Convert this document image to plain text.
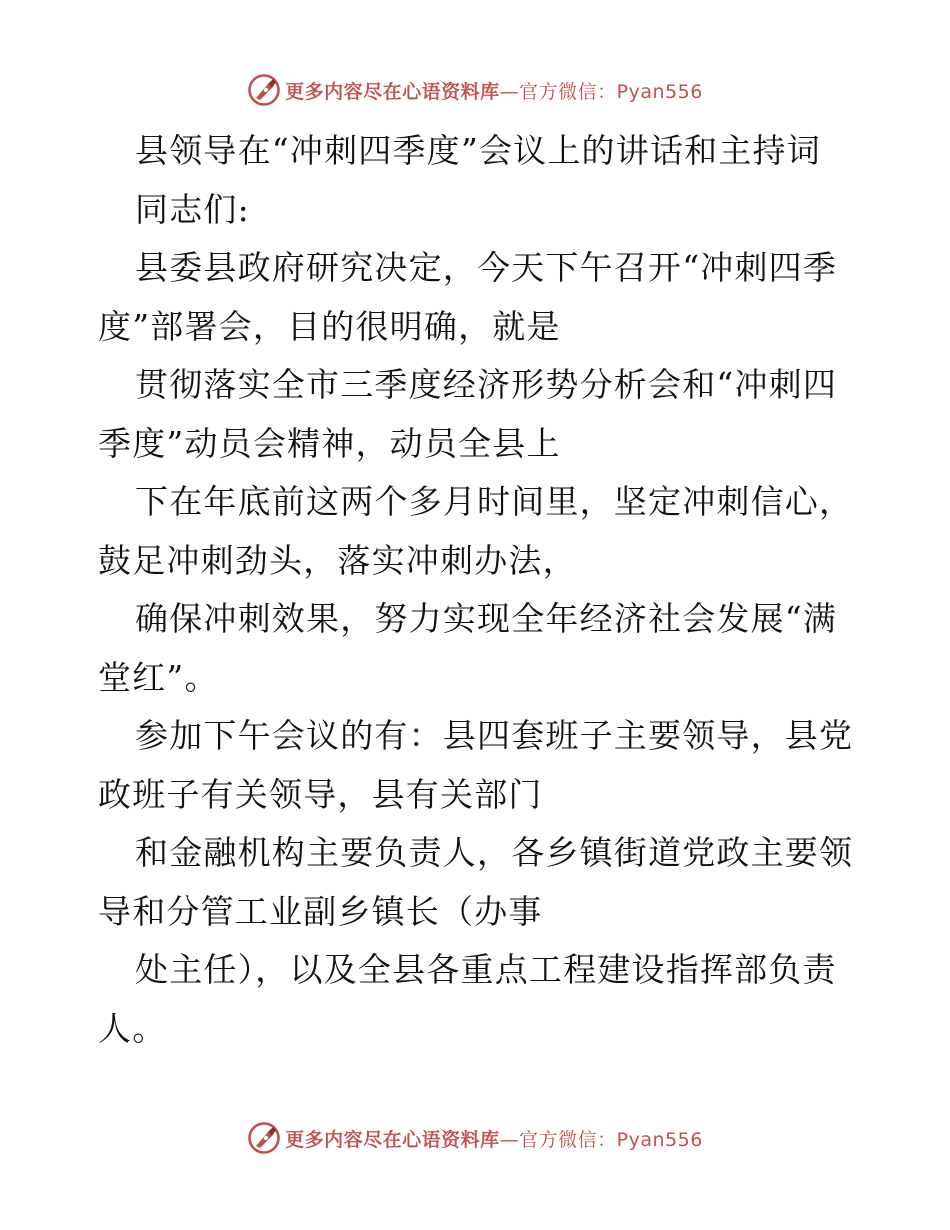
更多内容尽在心语资料库—官方微信：Pyan556
县领导在“冲刺四季度”会议上的讲话和主持词
同志们:
县委县政府研究决定，今天下午召开“冲刺四季
度”部署会，目的很明确，就是
贯彻落实全市三季度经济形势分析会和“冲刺四
季度”动员会精神，动员全县上
下在年底前这两个多月时间里，坚定冲刺信心，
鼓足冲刺劲头，落实冲刺办法，
确保冲刺效果，努力实现全年经济社会发展“满
堂红”。
参加下午会议的有：县四套班子主要领导，县党
政班子有关领导，县有关部门
和金融机构主要负责人，各乡镇街道党政主要领
导和分管工业副乡镇长（办事
处主任），以及全县各重点工程建设指挥部负责
人。
更多内容尽在心语资料库—官方微信：Pyan556
